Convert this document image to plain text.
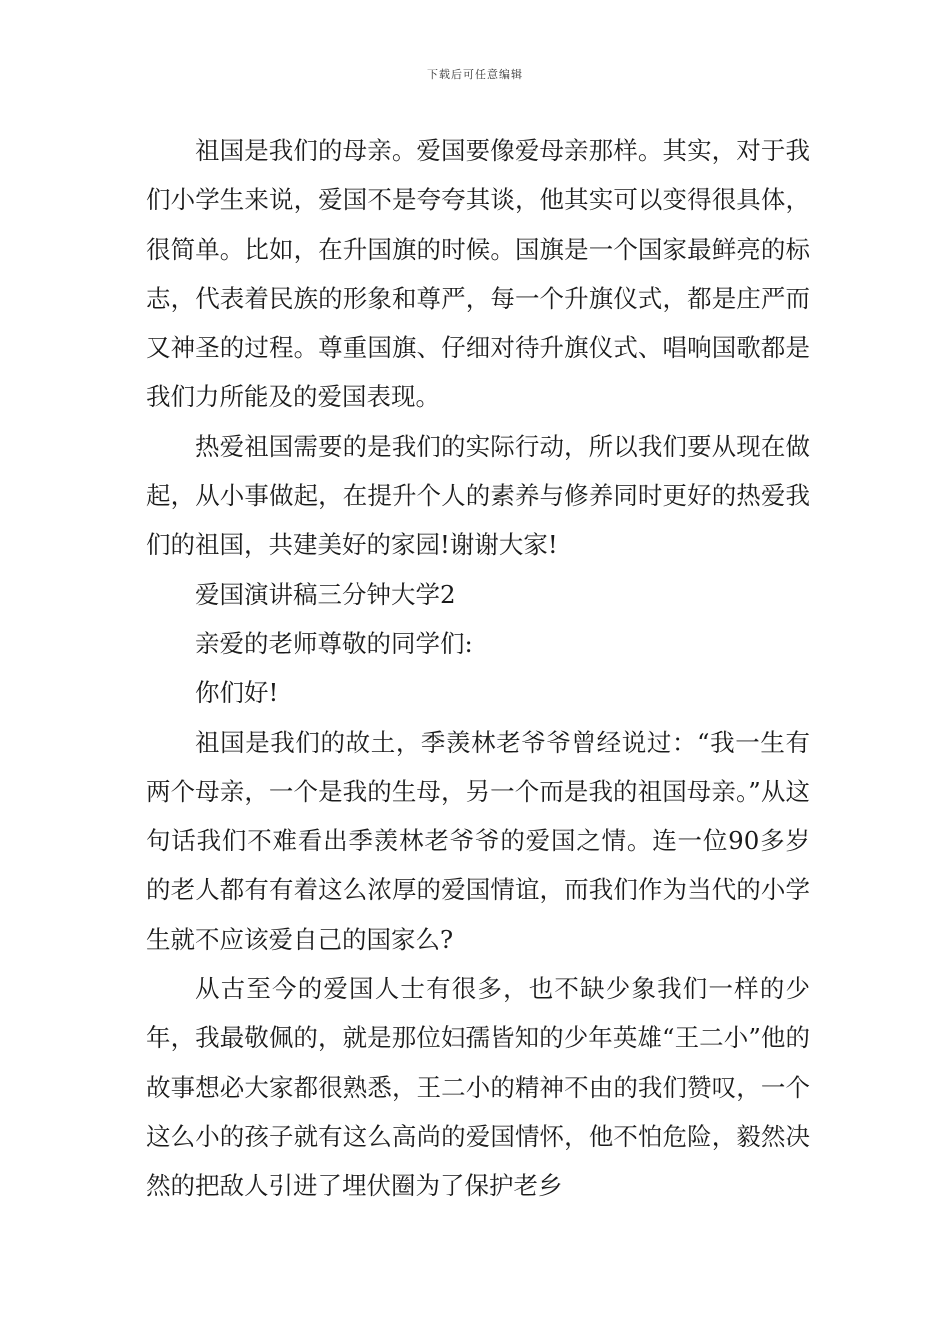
下载后可任意编辑

祖国是我们的母亲。爱国要像爱母亲那样。其实，对于我们小学生来说，爱国不是夸夸其谈，他其实可以变得很具体，很简单。比如，在升国旗的时候。国旗是一个国家最鲜亮的标志，代表着民族的形象和尊严，每一个升旗仪式，都是庄严而又神圣的过程。尊重国旗、仔细对待升旗仪式、唱响国歌都是我们力所能及的爱国表现。

热爱祖国需要的是我们的实际行动，所以我们要从现在做起，从小事做起，在提升个人的素养与修养同时更好的热爱我们的祖国，共建美好的家园!谢谢大家!

爱国演讲稿三分钟大学2

亲爱的老师尊敬的同学们:

你们好!

祖国是我们的故土，季羡林老爷爷曾经说过：“我一生有两个母亲，一个是我的生母，另一个而是我的祖国母亲。”从这句话我们不难看出季羡林老爷爷的爱国之情。连一位90多岁的老人都有有着这么浓厚的爱国情谊，而我们作为当代的小学生就不应该爱自己的国家么?

从古至今的爱国人士有很多，也不缺少象我们一样的少年，我最敬佩的，就是那位妇孺皆知的少年英雄“王二小”他的故事想必大家都很熟悉，王二小的精神不由的我们赞叹，一个这么小的孩子就有这么高尚的爱国情怀，他不怕危险，毅然决然的把敌人引进了埋伏圈为了保护老乡
